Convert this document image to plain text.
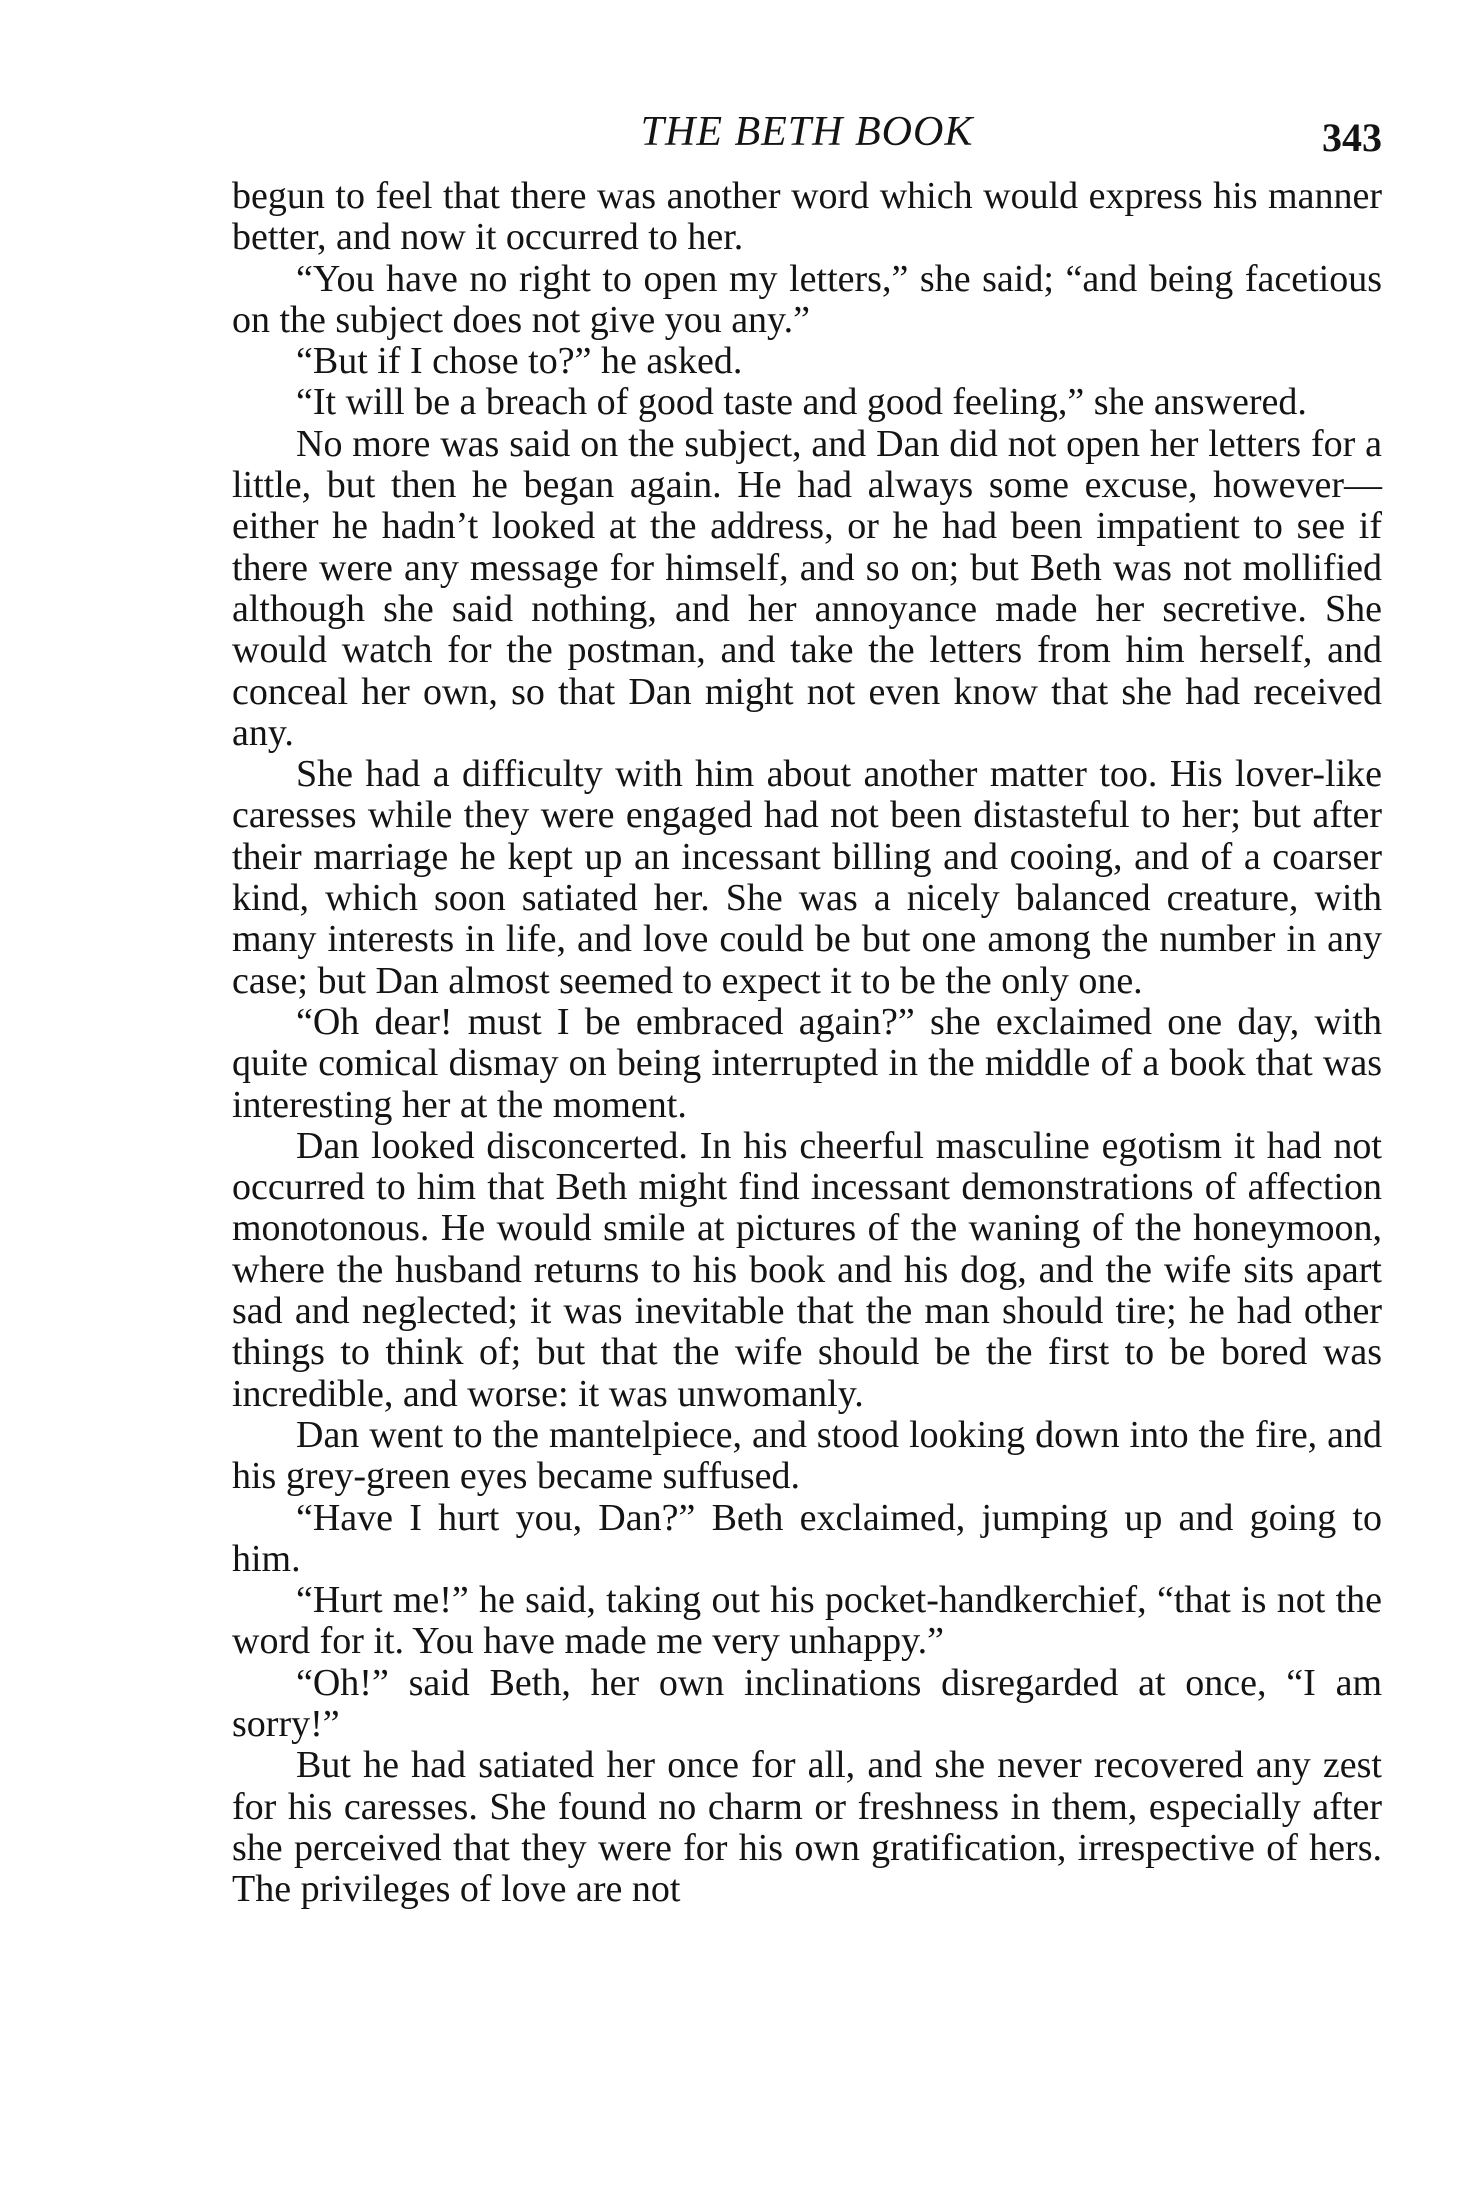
THE BETH BOOK	343

begun to feel that there was another word which would express his manner better, and now it occurred to her.

“You have no right to open my letters,” she said; “and being facetious on the subject does not give you any.”

“But if I chose to?” he asked.

“It will be a breach of good taste and good feeling,” she answered.

No more was said on the subject, and Dan did not open her letters for a little, but then he began again. He had always some excuse, however—either he hadn’t looked at the address, or he had been impatient to see if there were any message for himself, and so on; but Beth was not mollified although she said nothing, and her annoyance made her secretive. She would watch for the postman, and take the letters from him herself, and conceal her own, so that Dan might not even know that she had received any.

She had a difficulty with him about another matter too. His lover-like caresses while they were engaged had not been distasteful to her; but after their marriage he kept up an incessant billing and cooing, and of a coarser kind, which soon satiated her. She was a nicely balanced creature, with many interests in life, and love could be but one among the number in any case; but Dan almost seemed to expect it to be the only one.

“Oh dear! must I be embraced again?” she exclaimed one day, with quite comical dismay on being interrupted in the middle of a book that was interesting her at the moment.

Dan looked disconcerted. In his cheerful masculine egotism it had not occurred to him that Beth might find incessant demonstrations of affection monotonous. He would smile at pictures of the waning of the honeymoon, where the husband returns to his book and his dog, and the wife sits apart sad and neglected; it was inevitable that the man should tire; he had other things to think of; but that the wife should be the first to be bored was incredible, and worse: it was unwomanly.

Dan went to the mantelpiece, and stood looking down into the fire, and his grey-green eyes became suffused.

“Have I hurt you, Dan?” Beth exclaimed, jumping up and going to him.

“Hurt me!” he said, taking out his pocket-handkerchief, “that is not the word for it. You have made me very unhappy.”

“Oh!” said Beth, her own inclinations disregarded at once, “I am sorry!”

But he had satiated her once for all, and she never recovered any zest for his caresses. She found no charm or freshness in them, especially after she perceived that they were for his own gratification, irrespective of hers. The privileges of love are not
